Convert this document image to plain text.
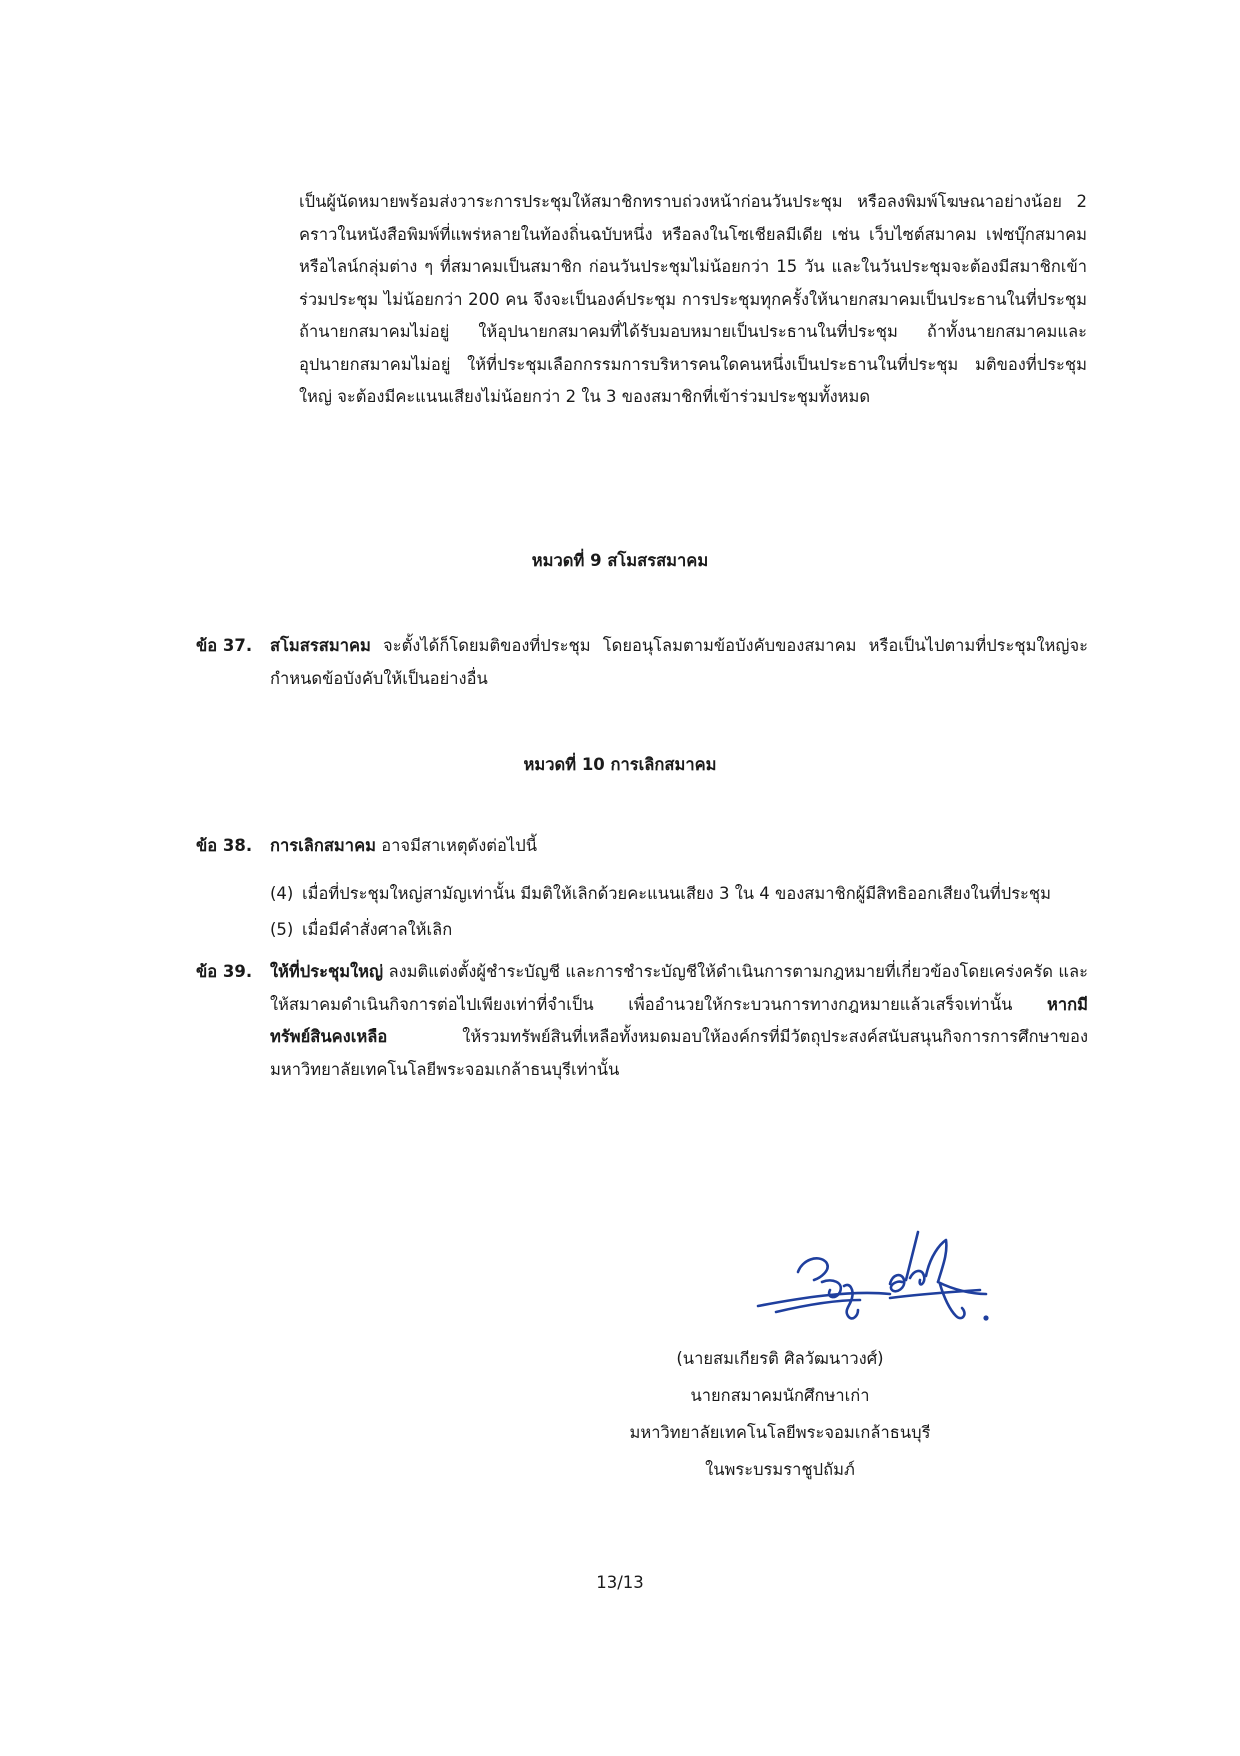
เป็นผู้นัดหมายพร้อมส่งวาระการประชุมให้สมาชิกทราบถ่วงหน้าก่อนวันประชุม หรือลงพิมพ์โฆษณาอย่างน้อย 2 คราวในหนังสือพิมพ์ที่แพร่หลายในท้องถิ่นฉบับหนึ่ง หรือลงในโซเชียลมีเดีย เช่น เว็บไซต์สมาคม เฟซบุ๊กสมาคม หรือไลน์กลุ่มต่าง ๆ ที่สมาคมเป็นสมาชิก ก่อนวันประชุมไม่น้อยกว่า 15 วัน และในวันประชุมจะต้องมีสมาชิกเข้าร่วมประชุม ไม่น้อยกว่า 200 คน จึงจะเป็นองค์ประชุม การประชุมทุกครั้งให้นายกสมาคมเป็นประธานในที่ประชุม ถ้านายกสมาคมไม่อยู่ ให้อุปนายกสมาคมที่ได้รับมอบหมายเป็นประธานในที่ประชุม ถ้าทั้งนายกสมาคมและอุปนายกสมาคมไม่อยู่ ให้ที่ประชุมเลือกกรรมการบริหารคนใดคนหนึ่งเป็นประธานในที่ประชุม มติของที่ประชุมใหญ่ จะต้องมีคะแนนเสียงไม่น้อยกว่า 2 ใน 3 ของสมาชิกที่เข้าร่วมประชุมทั้งหมด
หมวดที่ 9 สโมสรสมาคม
ข้อ 37. สโมสรสมาคม จะตั้งได้ก็โดยมติของที่ประชุม โดยอนุโลมตามข้อบังคับของสมาคม หรือเป็นไปตามที่ประชุมใหญ่จะกำหนดข้อบังคับให้เป็นอย่างอื่น
หมวดที่ 10 การเลิกสมาคม
ข้อ 38. การเลิกสมาคม อาจมีสาเหตุดังต่อไปนี้
(4) เมื่อที่ประชุมใหญ่สามัญเท่านั้น มีมติให้เลิกด้วยคะแนนเสียง 3 ใน 4 ของสมาชิกผู้มีสิทธิออกเสียงในที่ประชุม
(5) เมื่อมีคำสั่งศาลให้เลิก
ข้อ 39. ให้ที่ประชุมใหญ่ ลงมติแต่งตั้งผู้ชำระบัญชี และการชำระบัญชีให้ดำเนินการตามกฎหมายที่เกี่ยวข้องโดยเคร่งครัด และให้สมาคมดำเนินกิจการต่อไปเพียงเท่าที่จำเป็น เพื่ออำนวยให้กระบวนการทางกฎหมายแล้วเสร็จเท่านั้น หากมีทรัพย์สินคงเหลือ ให้รวมทรัพย์สินที่เหลือทั้งหมดมอบให้องค์กรที่มีวัตถุประสงค์สนับสนุนกิจการการศึกษาของมหาวิทยาลัยเทคโนโลยีพระจอมเกล้าธนบุรีเท่านั้น
(นายสมเกียรติ ศิลวัฒนาวงศ์)
นายกสมาคมนักศึกษาเก่า
มหาวิทยาลัยเทคโนโลยีพระจอมเกล้าธนบุรี
ในพระบรมราชูปถัมภ์
13/13
